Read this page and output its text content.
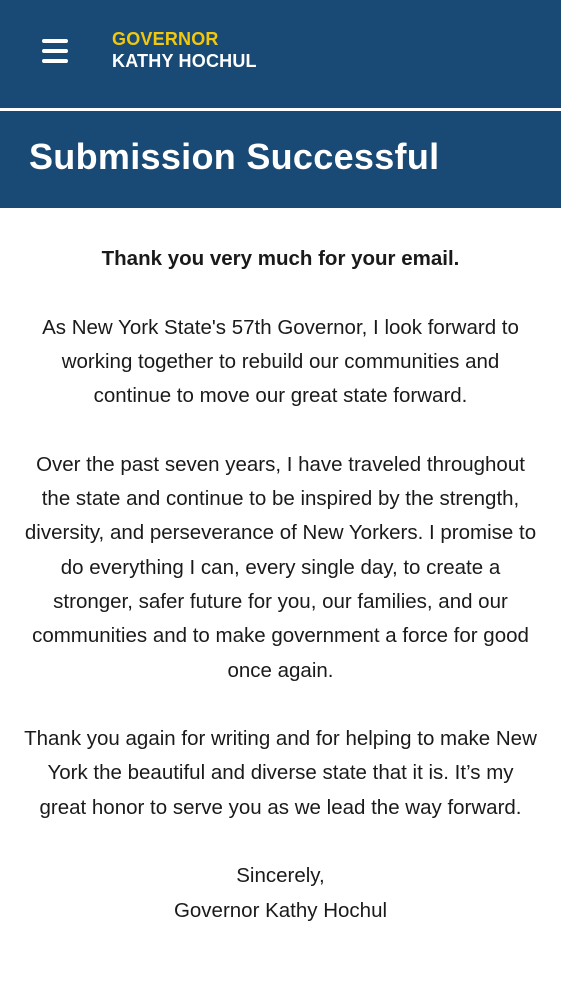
GOVERNOR
KATHY HOCHUL
Submission Successful

Thank you very much for your email.

As New York State's 57th Governor, I look forward to working together to rebuild our communities and continue to move our great state forward.

Over the past seven years, I have traveled throughout the state and continue to be inspired by the strength, diversity, and perseverance of New Yorkers. I promise to do everything I can, every single day, to create a stronger, safer future for you, our families, and our communities and to make government a force for good once again.

Thank you again for writing and for helping to make New York the beautiful and diverse state that it is. It’s my great honor to serve you as we lead the way forward.

Sincerely,
Governor Kathy Hochul
